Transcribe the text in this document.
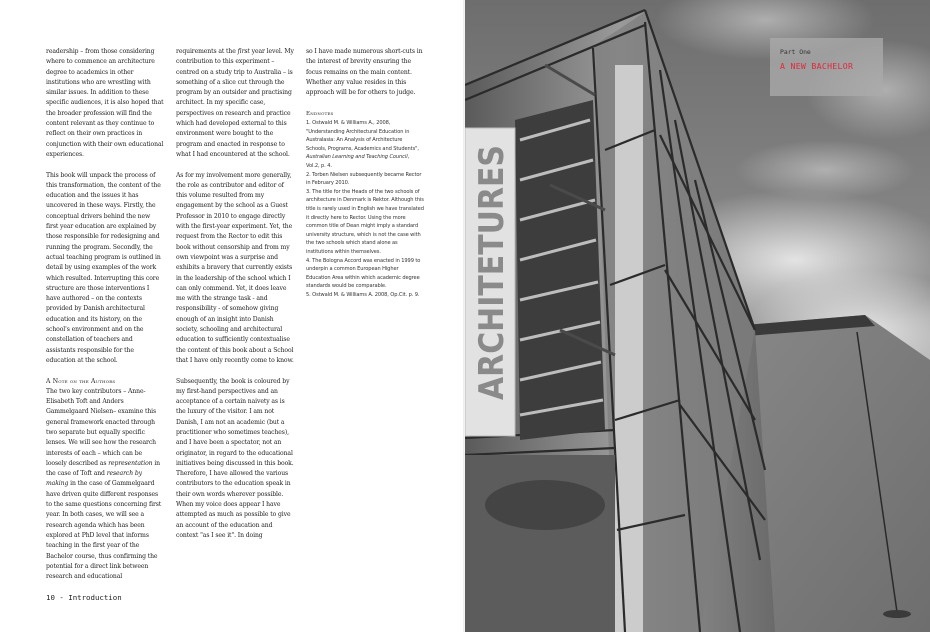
readership – from those considering where to commence an architecture degree to academics in other institutions who are wrestling with similar issues. In addition to these specific audiences, it is also hoped that the broader profession will find the content relevant as they continue to reflect on their own practices in conjunction with their own educational experiences.

This book will unpack the process of this transformation, the content of the education and the issues it has uncovered in these ways. Firstly, the conceptual drivers behind the new first year education are explained by those responsible for redesigning and running the program. Secondly, the actual teaching program is outlined in detail by using examples of the work which resulted. Interrupting this core structure are those interventions I have authored – on the contexts provided by Danish architectural education and its history, on the school's environment and on the constellation of teachers and assistants responsible for the education at the school.

A Note on the Authors

The two key contributors – Anne-Elisabeth Toft and Anders Gammelgaard Nielsen– examine this general framework enacted through two separate but equally specific lenses. We will see how the research interests of each – which can be loosely described as representation in the case of Toft and research by making in the case of Gammelgaard have driven quite different responses to the same questions concerning first year. In both cases, we will see a research agenda which has been explored at PhD level that informs teaching in the first year of the Bachelor course, thus confirming the potential for a direct link between research and educational

requirements at the first year level. My contribution to this experiment – centred on a study trip to Australia – is something of a slice cut through the program by an outsider and practising architect. In my specific case, perspectives on research and practice which had developed external to this environment were bought to the program and enacted in response to what I had encountered at the school.

As for my involvement more generally, the role as contributor and editor of this volume resulted from my engagement by the school as a Guest Professor in 2010 to engage directly with the first-year experiment. Yet, the request from the Rector to edit this book without censorship and from my own viewpoint was a surprise and exhibits a bravery that currently exists in the leadership of the school which I can only commend. Yet, it does leave me with the strange task - and responsibility - of somehow giving enough of an insight into Danish society, schooling and architectural education to sufficiently contextualise the content of this book about a School that I have only recently come to know.

Subsequently, the book is coloured by my first-hand perspectives and an acceptance of a certain naivety as is the luxury of the visitor. I am not Danish, I am not an academic (but a practitioner who sometimes teaches), and I have been a spectator, not an originator, in regard to the educational initiatives being discussed in this book. Therefore, I have allowed the various contributors to the education speak in their own words wherever possible. When my voice does appear I have attempted as much as possible to give an account of the education and context "as I see it". In doing

so I have made numerous short-cuts in the interest of brevity ensuring the focus remains on the main content. Whether any value resides in this approach will be for others to judge.

Endnotes

1. Ostwald M. & Williams A., 2008, "Understanding Architectural Education in Australasia: An Analysis of Architecture Schools, Programs, Academics and Students", Australian Learning and Teaching Council, Vol.2, p. 4.

2. Torben Nielsen subsequently became Rector in February 2010.

3. The title for the Heads of the two schools of architecture in Denmark is Rektor. Although this title is rarely used in English we have translated it directly here to Rector. Using the more common title of Dean might imply a standard university structure, which is not the case with the two schools which stand alone as institutions within themselves.

4. The Bologna Accord was enacted in 1999 to underpin a common European Higher Education Area within which academic degree standards would be comparable.

5. Ostwald M. & Williams A. 2008, Op.Cit. p. 9.

10 - Introduction
ARCHITETURES
Part One
A NEW BACHELOR
